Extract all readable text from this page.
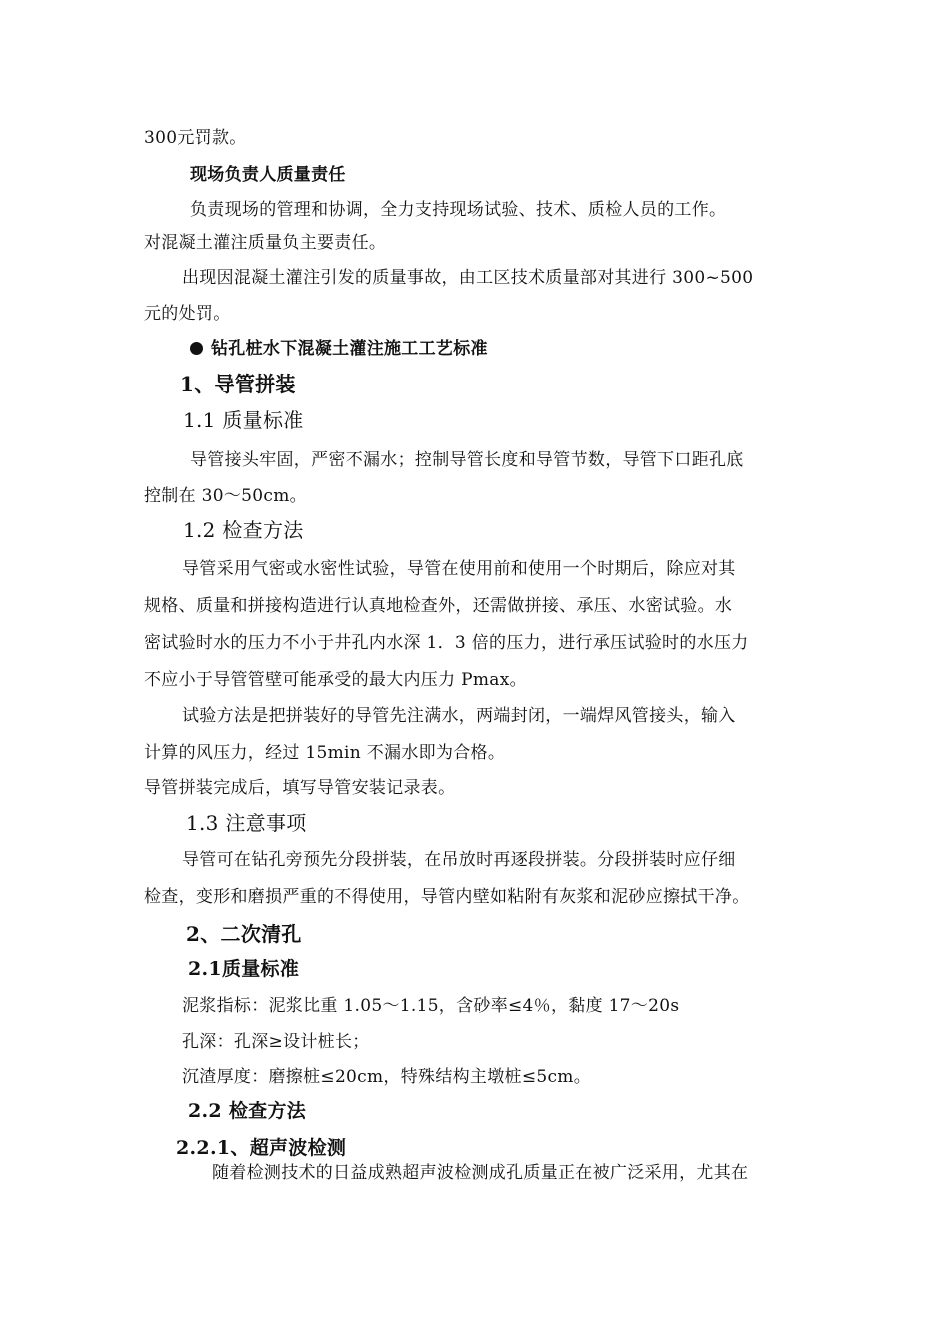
300元罚款。
现场负责人质量责任
负责现场的管理和协调，全力支持现场试验、技术、质检人员的工作。
对混凝土灌注质量负主要责任。
出现因混凝土灌注引发的质量事故，由工区技术质量部对其进行 300~500
元的处罚。
钻孔桩水下混凝土灌注施工工艺标准
1、导管拼装
1.1 质量标准
导管接头牢固，严密不漏水；控制导管长度和导管节数，导管下口距孔底
控制在 30～50cm。
1.2 检查方法
导管采用气密或水密性试验，导管在使用前和使用一个时期后，除应对其
规格、质量和拼接构造进行认真地检查外，还需做拼接、承压、水密试验。水
密试验时水的压力不小于井孔内水深 1．3 倍的压力，进行承压试验时的水压力
不应小于导管管壁可能承受的最大内压力 Pmax。
试验方法是把拼装好的导管先注满水，两端封闭，一端焊风管接头，输入
计算的风压力，经过 15min 不漏水即为合格。
导管拼装完成后，填写导管安装记录表。
1.3 注意事项
导管可在钻孔旁预先分段拼装，在吊放时再逐段拼装。分段拼装时应仔细
检查，变形和磨损严重的不得使用，导管内壁如粘附有灰浆和泥砂应擦拭干净。
2、二次清孔
2.1质量标准
泥浆指标：泥浆比重 1.05～1.15，含砂率≤4％，黏度 17～20s
孔深：孔深≥设计桩长；
沉渣厚度：磨擦桩≤20cm，特殊结构主墩桩≤5cm。
2.2 检查方法
2.2.1、超声波检测
随着检测技术的日益成熟超声波检测成孔质量正在被广泛采用，尤其在
